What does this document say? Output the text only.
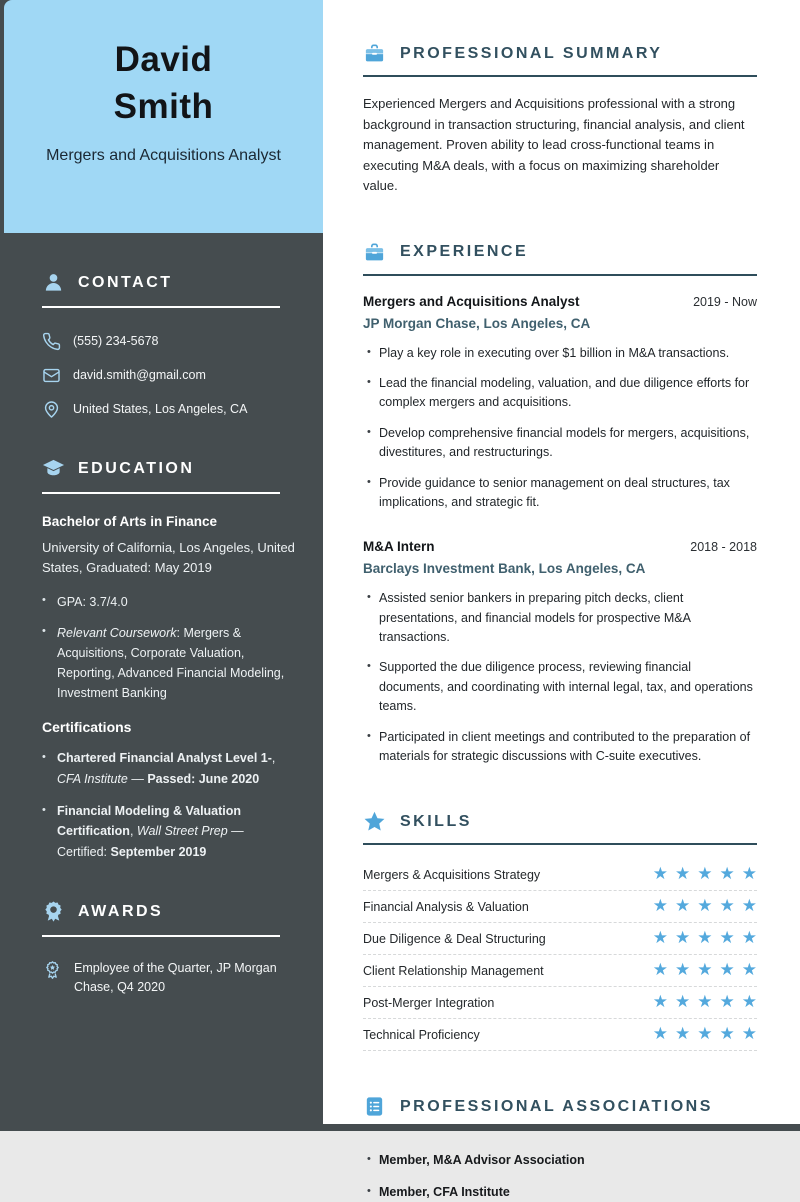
David Smith
Mergers and Acquisitions Analyst
CONTACT
(555) 234-5678
david.smith@gmail.com
United States, Los Angeles, CA
EDUCATION
Bachelor of Arts in Finance
University of California, Los Angeles, United States, Graduated: May 2019
• GPA: 3.7/4.0
• Relevant Coursework: Mergers & Acquisitions, Corporate Valuation, Reporting, Advanced Financial Modeling, Investment Banking
Certifications
• Chartered Financial Analyst Level 1-, CFA Institute — Passed: June 2020
• Financial Modeling & Valuation Certification, Wall Street Prep — Certified: September 2019
AWARDS
Employee of the Quarter, JP Morgan Chase, Q4 2020
PROFESSIONAL SUMMARY

Experienced Mergers and Acquisitions professional with a strong background in transaction structuring, financial analysis, and client management. Proven ability to lead cross-functional teams in executing M&A deals, with a focus on maximizing shareholder value.

EXPERIENCE
Mergers and Acquisitions Analyst	2019 - Now
JP Morgan Chase, Los Angeles, CA
• Play a key role in executing over $1 billion in M&A transactions.
• Lead the financial modeling, valuation, and due diligence efforts for complex mergers and acquisitions.
• Develop comprehensive financial models for mergers, acquisitions, divestitures, and restructurings.
• Provide guidance to senior management on deal structures, tax implications, and strategic fit.
M&A Intern	2018 - 2018
Barclays Investment Bank, Los Angeles, CA
• Assisted senior bankers in preparing pitch decks, client presentations, and financial models for prospective M&A transactions.
• Supported the due diligence process, reviewing financial documents, and coordinating with internal legal, tax, and operations teams.
• Participated in client meetings and contributed to the preparation of materials for strategic discussions with C-suite executives.
SKILLS
Mergers & Acquisitions Strategy	★ ★ ★ ★ ★
Financial Analysis & Valuation	★ ★ ★ ★ ★
Due Diligence & Deal Structuring	★ ★ ★ ★ ★
Client Relationship Management	★ ★ ★ ★ ★
Post-Merger Integration	★ ★ ★ ★ ★
Technical Proficiency	★ ★ ★ ★ ★
PROFESSIONAL ASSOCIATIONS
• Member, M&A Advisor Association
• Member, CFA Institute
